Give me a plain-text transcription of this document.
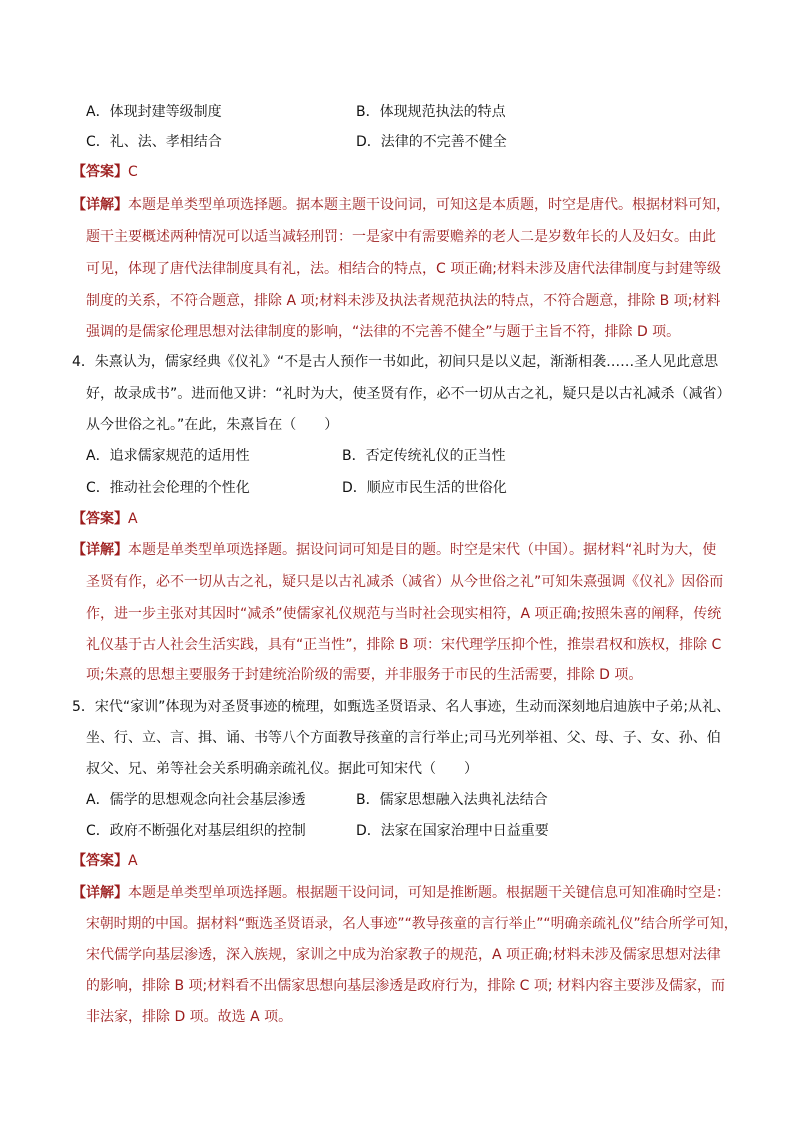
A．体现封建等级制度	B．体现规范执法的特点
C．礼、法、孝相结合	D．法律的不完善不健全
【答案】C
【详解】本题是单类型单项选择题。据本题主题干设问词，可知这是本质题，时空是唐代。根据材料可知，
题干主要概述两种情况可以适当减轻刑罚：一是家中有需要赡养的老人二是岁数年长的人及妇女。由此
可见，体现了唐代法律制度具有礼，法。相结合的特点，C 项正确;材料未涉及唐代法律制度与封建等级
制度的关系，不符合题意，排除 A 项;材料未涉及执法者规范执法的特点，不符合题意，排除 B 项;材料
强调的是儒家伦理思想对法律制度的影响，“法律的不完善不健全”与题于主旨不符，排除 D 项。
4．朱熹认为，儒家经典《仪礼》“不是古人预作一书如此，初间只是以义起，渐渐相袭……圣人见此意思
好，故录成书”。进而他又讲：“礼时为大，使圣贤有作，必不一切从古之礼，疑只是以古礼减杀（减省）
从今世俗之礼。”在此，朱熹旨在（　　）
A．追求儒家规范的适用性	B．否定传统礼仪的正当性
C．推动社会伦理的个性化	D．顺应市民生活的世俗化
【答案】A
【详解】本题是单类型单项选择题。据设问词可知是目的题。时空是宋代（中国）。据材料“礼时为大，使
圣贤有作，必不一切从古之礼，疑只是以古礼减杀（减省）从今世俗之礼”可知朱熹强调《仪礼》因俗而
作，进一步主张对其因时“减杀”使儒家礼仪规范与当时社会现实相符，A 项正确;按照朱喜的阐释，传统
礼仪基于古人社会生活实践，具有“正当性”，排除 B 项：宋代理学压抑个性，推崇君权和族权，排除 C
项;朱熹的思想主要服务于封建统治阶级的需要，并非服务于市民的生活需要，排除 D 项。
5．宋代“家训”体现为对圣贤事迹的梳理，如甄选圣贤语录、名人事迹，生动而深刻地启迪族中子弟;从礼、
坐、行、立、言、揖、诵、书等八个方面教导孩童的言行举止;司马光列举祖、父、母、子、女、孙、伯
叔父、兄、弟等社会关系明确亲疏礼仪。据此可知宋代（　　）
A．儒学的思想观念向社会基层渗透	B．儒家思想融入法典礼法结合
C．政府不断强化对基层组织的控制	D．法家在国家治理中日益重要
【答案】A
【详解】本题是单类型单项选择题。根据题干设问词，可知是推断题。根据题干关键信息可知准确时空是：
宋朝时期的中国。据材料“甄选圣贤语录，名人事迹”“教导孩童的言行举止”“明确亲疏礼仪”结合所学可知，
宋代儒学向基层渗透，深入族规，家训之中成为治家教子的规范，A 项正确;材料未涉及儒家思想对法律
的影响，排除 B 项;材料看不出儒家思想向基层渗透是政府行为，排除 C 项; 材料内容主要涉及儒家，而
非法家，排除 D 项。故选 A 项。
